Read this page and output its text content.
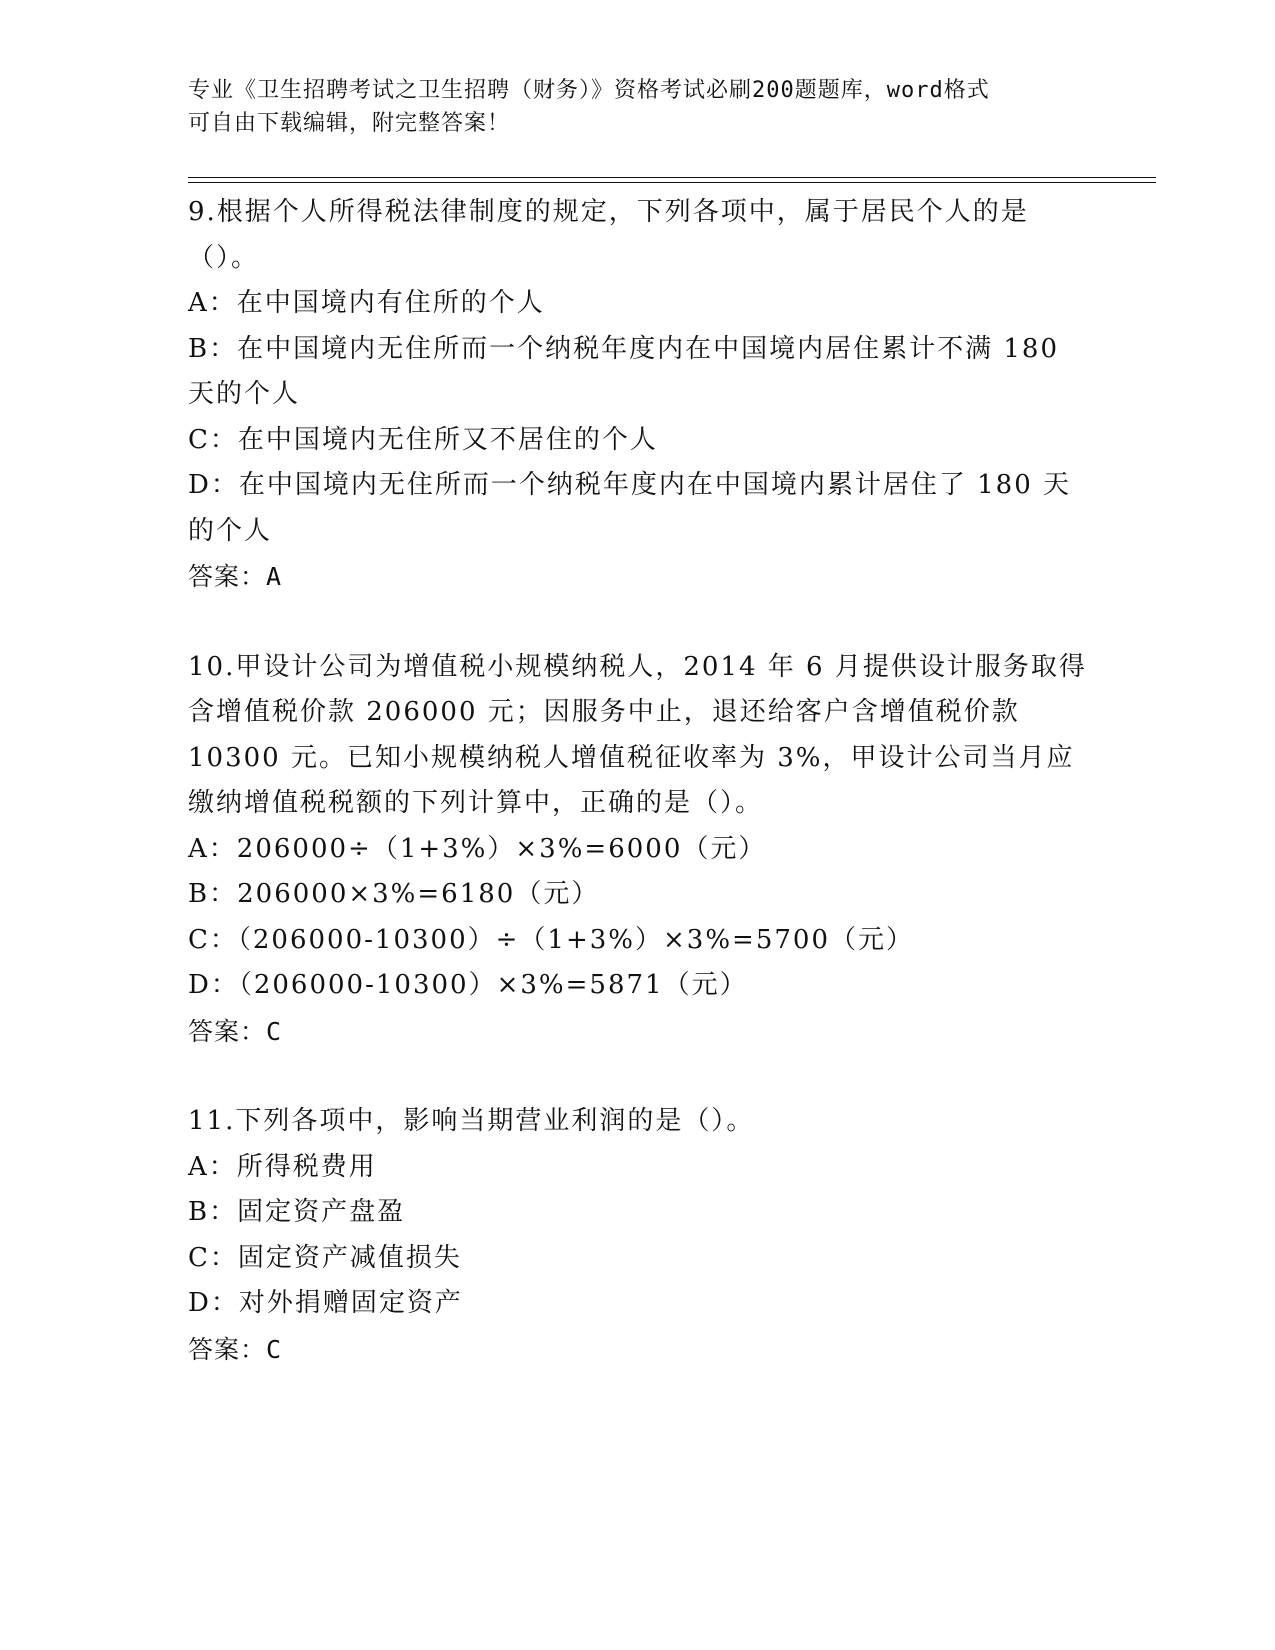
专业《卫生招聘考试之卫生招聘（财务）》资格考试必刷200题题库，word格式
可自由下载编辑，附完整答案！
9.根据个人所得税法律制度的规定，下列各项中，属于居民个人的是
（）。
A：在中国境内有住所的个人
B：在中国境内无住所而一个纳税年度内在中国境内居住累计不满 180
天的个人
C：在中国境内无住所又不居住的个人
D：在中国境内无住所而一个纳税年度内在中国境内累计居住了 180 天
的个人
答案：A
10.甲设计公司为增值税小规模纳税人，2014 年 6 月提供设计服务取得
含增值税价款 206000 元；因服务中止，退还给客户含增值税价款
10300 元。已知小规模纳税人增值税征收率为 3%，甲设计公司当月应
缴纳增值税税额的下列计算中，正确的是（）。
A：206000÷（1+3%）×3%=6000（元）
B：206000×3%=6180（元）
C：（206000-10300）÷（1+3%）×3%=5700（元）
D：（206000-10300）×3%=5871（元）
答案：C
11.下列各项中，影响当期营业利润的是（）。
A：所得税费用
B：固定资产盘盈
C：固定资产减值损失
D：对外捐赠固定资产
答案：C
